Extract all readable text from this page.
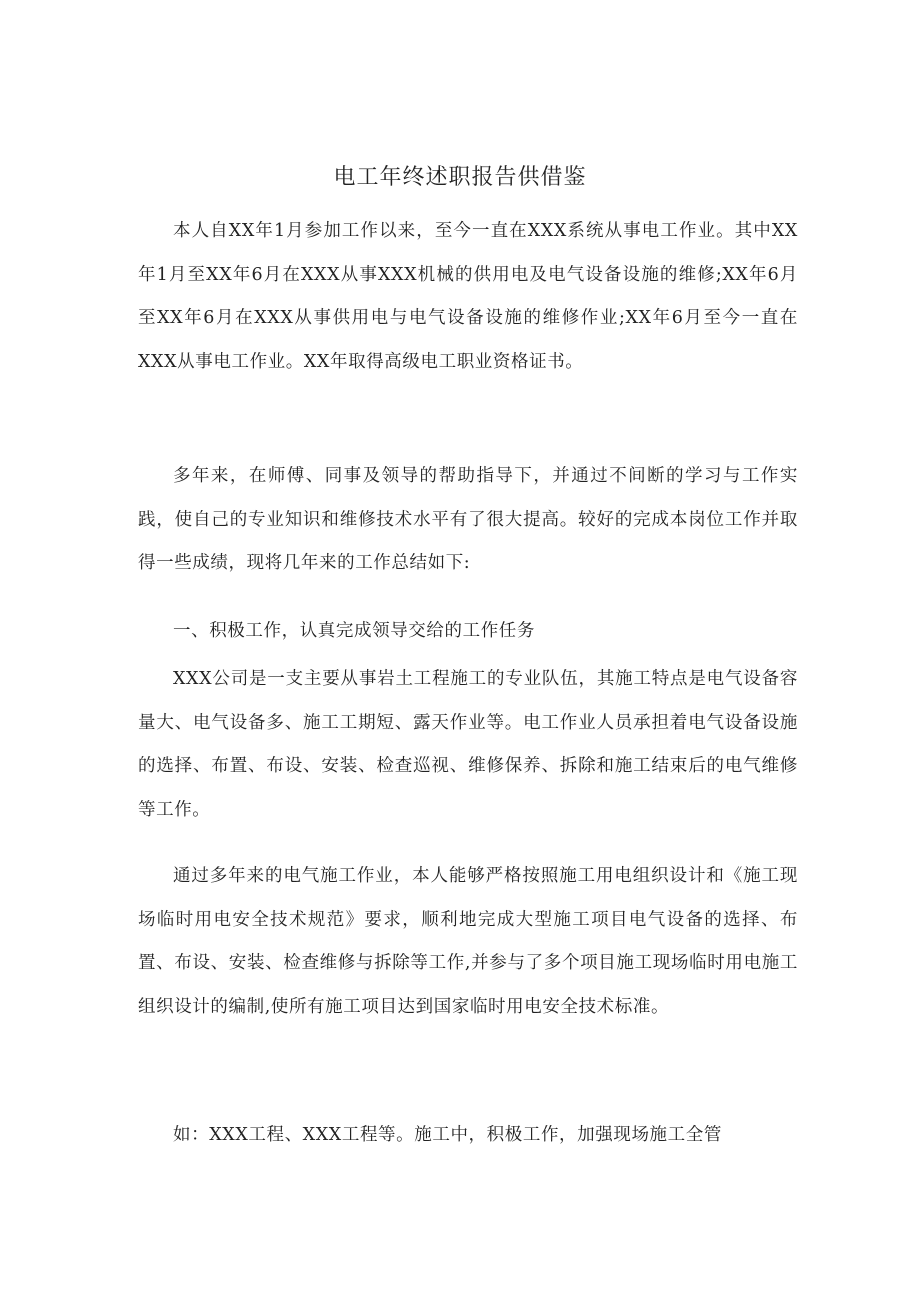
电工年终述职报告供借鉴

本人自XX年1月参加工作以来，至今一直在XXX系统从事电工作业。其中XX年1月至XX年6月在XXX从事XXX机械的供用电及电气设备设施的维修;XX年6月至XX年6月在XXX从事供用电与电气设备设施的维修作业;XX年6月至今一直在XXX从事电工作业。XX年取得高级电工职业资格证书。

多年来，在师傅、同事及领导的帮助指导下，并通过不间断的学习与工作实践，使自己的专业知识和维修技术水平有了很大提高。较好的完成本岗位工作并取得一些成绩，现将几年来的工作总结如下:

一、积极工作，认真完成领导交给的工作任务

XXX公司是一支主要从事岩土工程施工的专业队伍，其施工特点是电气设备容量大、电气设备多、施工工期短、露天作业等。电工作业人员承担着电气设备设施的选择、布置、布设、安装、检查巡视、维修保养、拆除和施工结束后的电气维修等工作。

通过多年来的电气施工作业，本人能够严格按照施工用电组织设计和《施工现场临时用电安全技术规范》要求，顺利地完成大型施工项目电气设备的选择、布置、布设、安装、检查维修与拆除等工作,并参与了多个项目施工现场临时用电施工组织设计的编制,使所有施工项目达到国家临时用电安全技术标准。

如：XXX工程、XXX工程等。施工中，积极工作，加强现场施工全管
